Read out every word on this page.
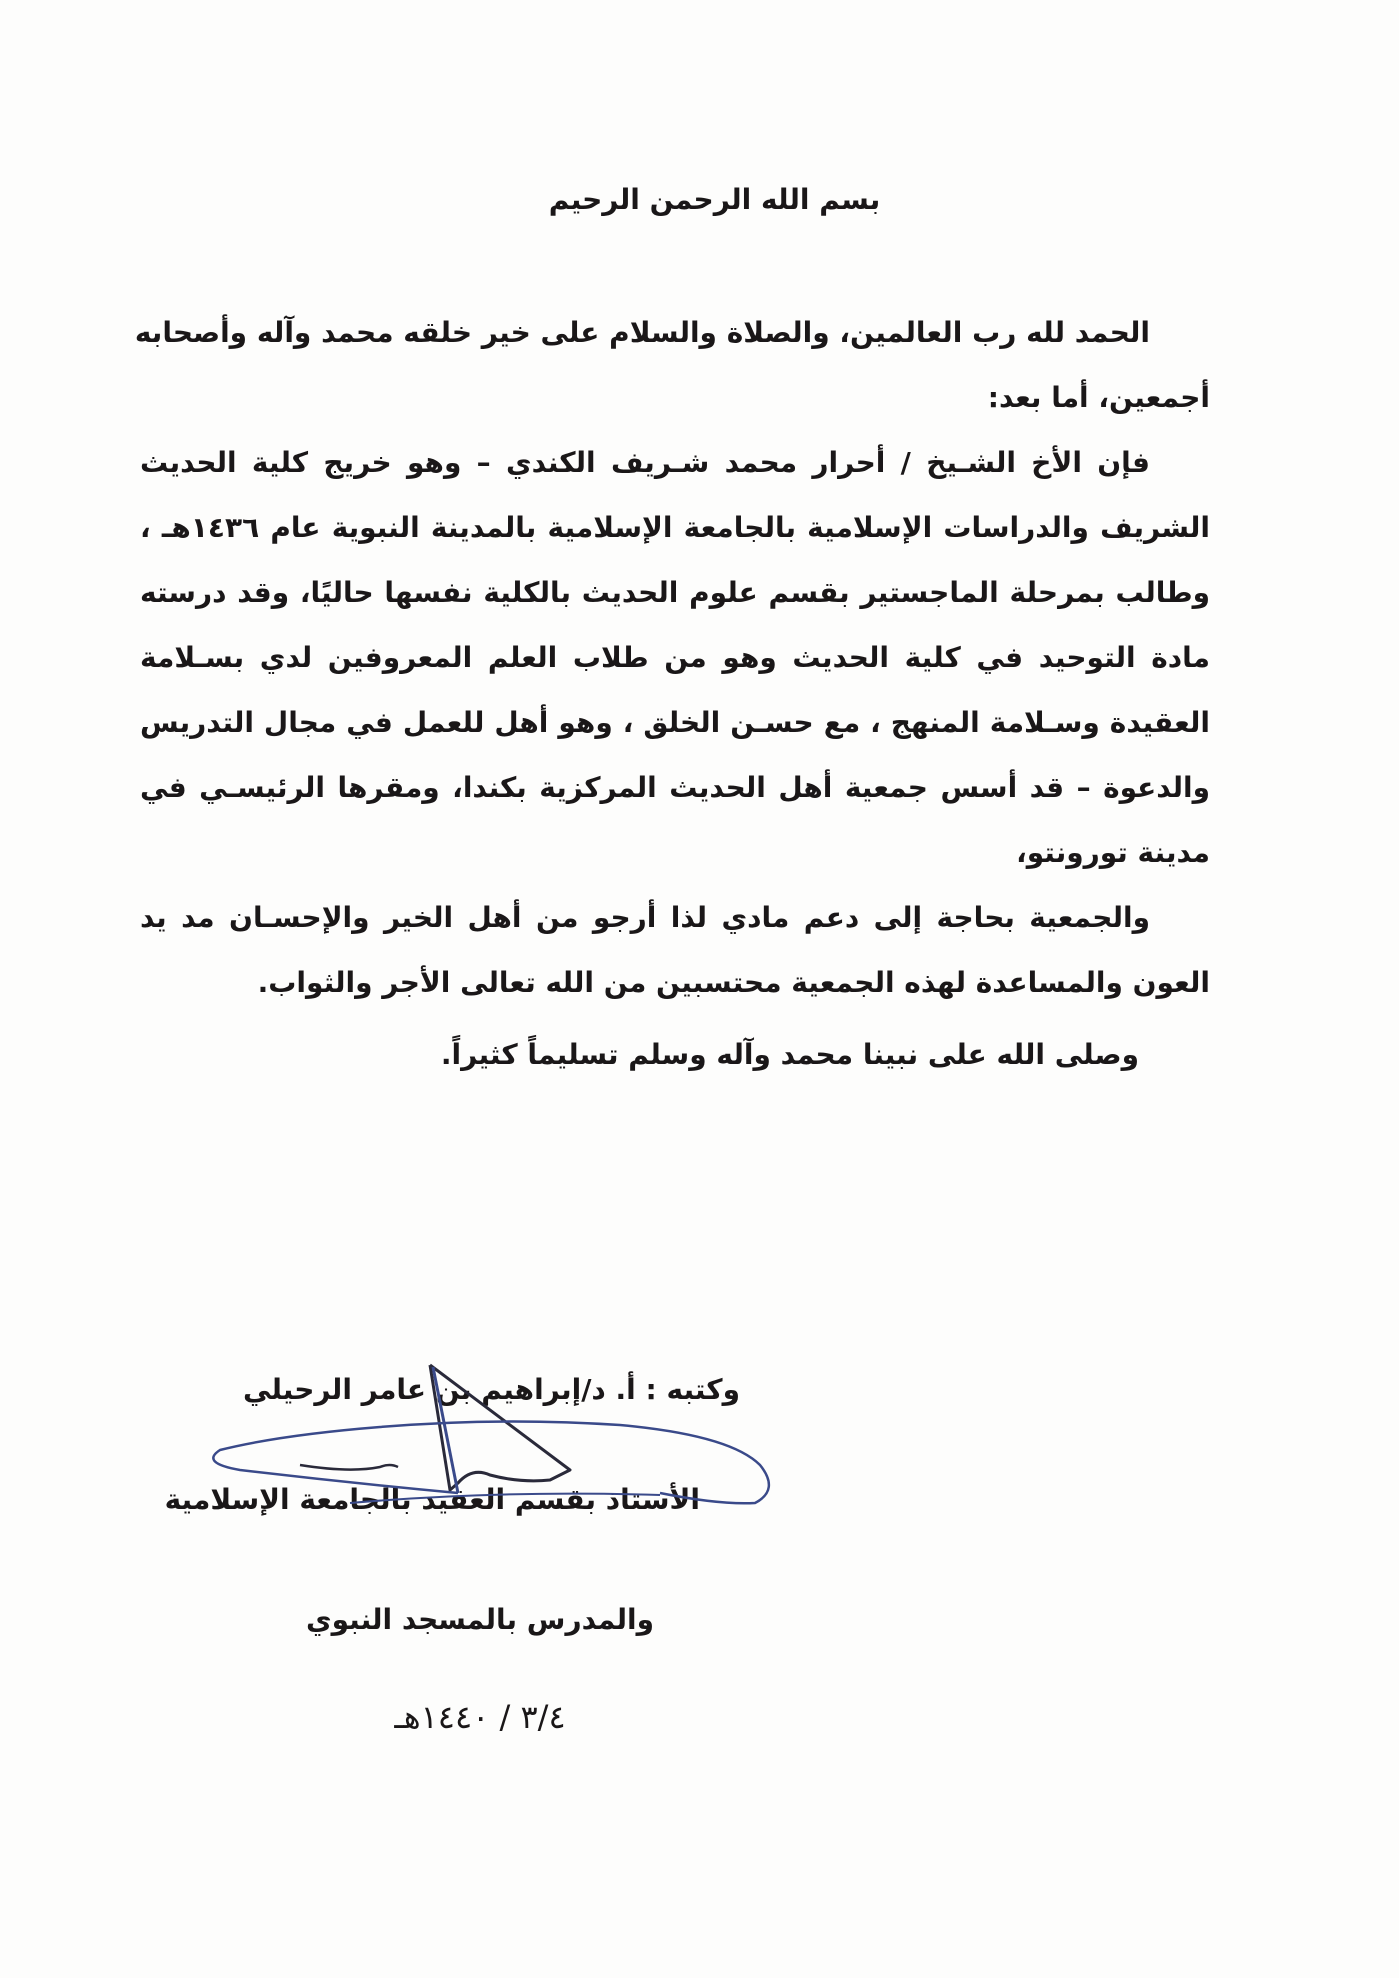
بسم الله الرحمن الرحيم
الحمد لله رب العالمين، والصلاة والسلام على خير خلقه محمد وآله وأصحابه
أجمعين، أما بعد:
فإن الأخ الشـيخ / أحرار محمد شـريف الكندي – وهو خريج كلية الحديث
الشريف والدراسات الإسلامية بالجامعة الإسلامية بالمدينة النبوية عام ١٤٣٦هـ ،
وطالب بمرحلة الماجستير بقسم علوم الحديث بالكلية نفسها حاليًا، وقد درسته
مادة التوحيد في كلية الحديث وهو من طلاب العلم المعروفين لدي بسـلامة
العقيدة وسـلامة المنهج ، مع حسـن الخلق ، وهو أهل للعمل في مجال التدريس
والدعوة – قد أسس جمعية أهل الحديث المركزية بكندا، ومقرها الرئيسـي في
مدينة تورونتو،
والجمعية بحاجة إلى دعم مادي لذا أرجو من أهل الخير والإحسـان مد يد
العون والمساعدة لهذه الجمعية محتسبين من الله تعالى الأجر والثواب.
وصلى الله على نبينا محمد وآله وسلم تسليماً كثيراً.
وكتبه : أ. د/إبراهيم بن عامر الرحيلي
الأستاذ بقسم العقيد بالجامعة الإسلامية
والمدرس بالمسجد النبوي
٣/٤ / ١٤٤٠هـ
